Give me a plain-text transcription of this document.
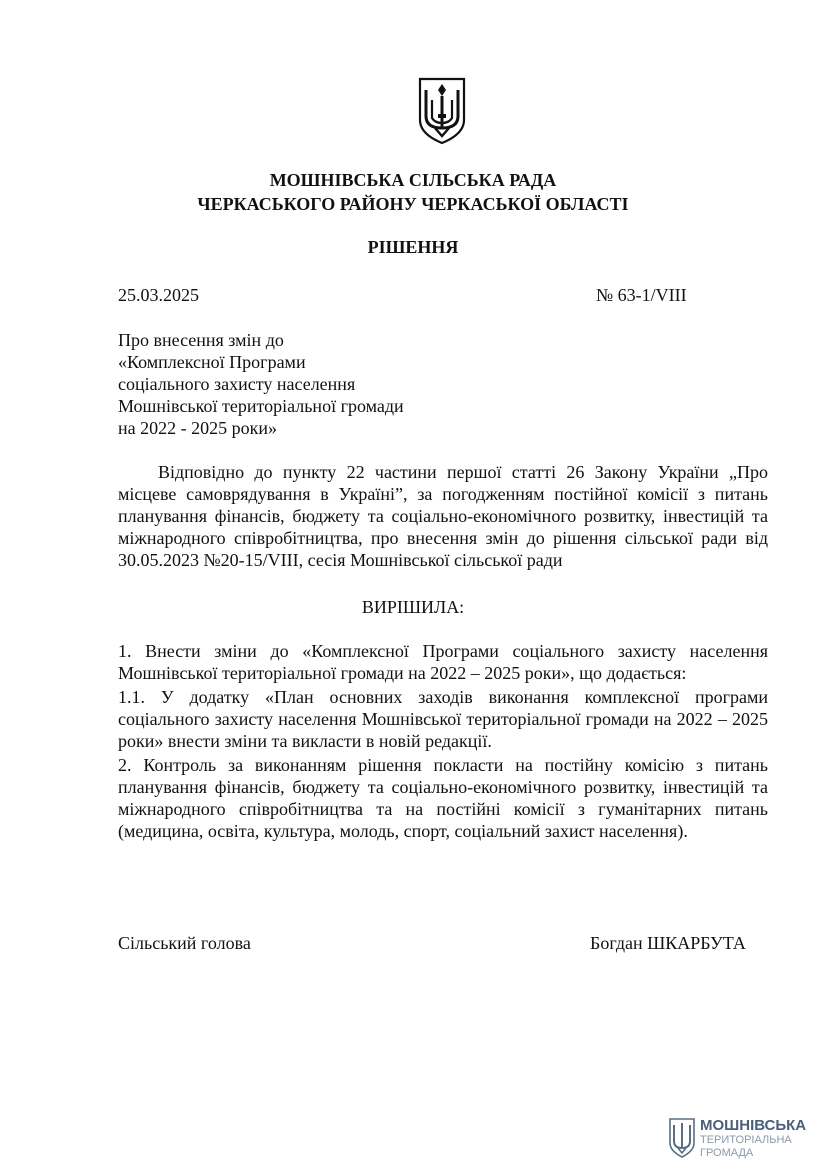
МОШНІВСЬКА СІЛЬСЬКА РАДА
ЧЕРКАСЬКОГО РАЙОНУ ЧЕРКАСЬКОЇ ОБЛАСТІ
РІШЕННЯ
25.03.2025	№ 63-1/VIII
Про внесення змін до
«Комплексної Програми
соціального захисту населення
Мошнівської територіальної громади
на 2022 - 2025 роки»
Відповідно до пункту 22 частини першої статті 26 Закону України „Про місцеве самоврядування в Україні”, за погодженням постійної комісії з питань планування фінансів, бюджету та соціально-економічного розвитку, інвестицій та міжнародного співробітництва, про внесення змін до рішення сільської ради від 30.05.2023 №20-15/VIII, сесія Мошнівської сільської ради
ВИРІШИЛА:
1. Внести зміни до «Комплексної Програми соціального захисту населення Мошнівської територіальної громади на 2022 – 2025 роки», що додається:
1.1. У додатку «План основних заходів виконання комплексної програми соціального захисту населення Мошнівської територіальної громади на 2022 – 2025 роки» внести зміни та викласти в новій редакції.
2. Контроль за виконанням рішення покласти на постійну комісію з питань планування фінансів, бюджету та соціально-економічного розвитку, інвестицій та міжнародного співробітництва та на постійні комісії з гуманітарних питань (медицина, освіта, культура, молодь, спорт, соціальний захист населення).
Сільський голова	Богдан ШКАРБУТА
МОШНІВСЬКА
ТЕРИТОРІАЛЬНА
ГРОМАДА
